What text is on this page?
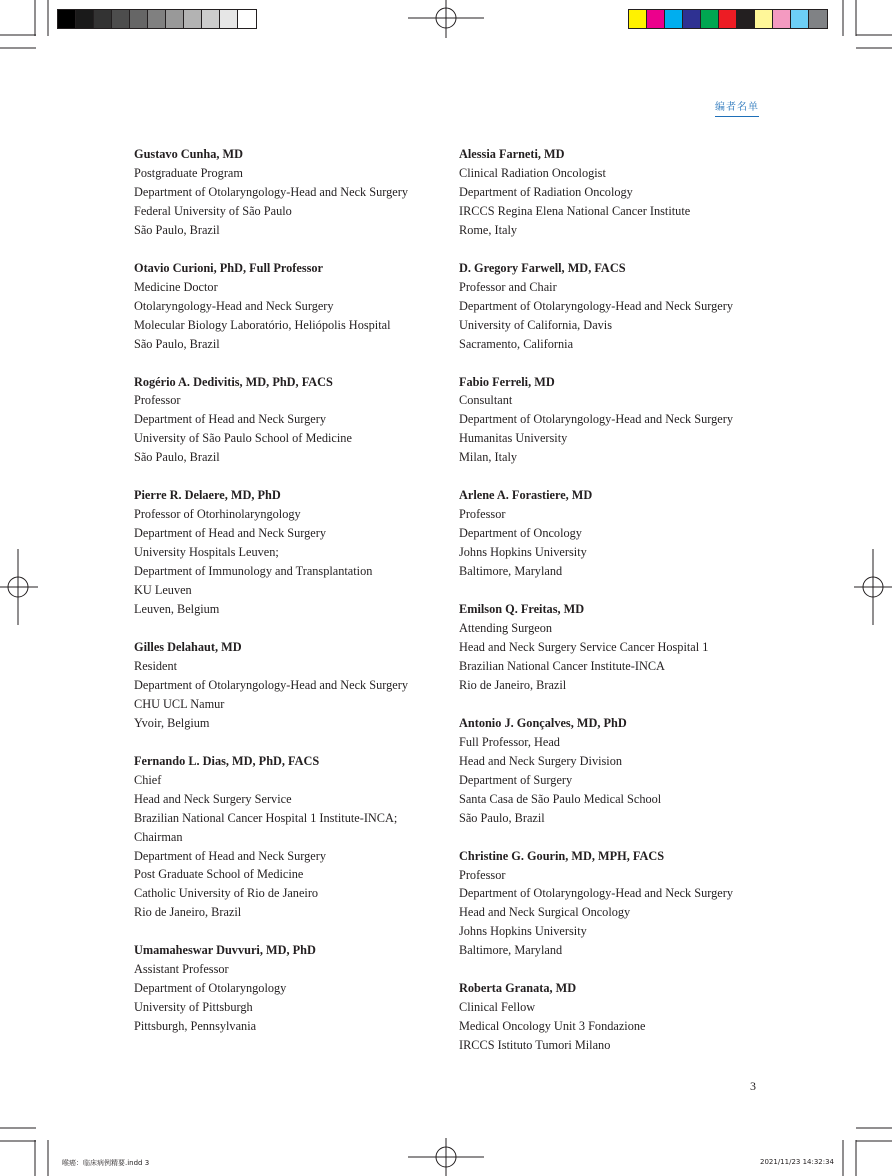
编者名单
Gustavo Cunha, MD
Postgraduate Program
Department of Otolaryngology-Head and Neck Surgery
Federal University of São Paulo
São Paulo, Brazil
Otavio Curioni, PhD, Full Professor
Medicine Doctor
Otolaryngology-Head and Neck Surgery
Molecular Biology Laboratório, Heliópolis Hospital
São Paulo, Brazil
Rogério A. Dedivitis, MD, PhD, FACS
Professor
Department of Head and Neck Surgery
University of São Paulo School of Medicine
São Paulo, Brazil
Pierre R. Delaere, MD, PhD
Professor of Otorhinolaryngology
Department of Head and Neck Surgery
University Hospitals Leuven;
Department of Immunology and Transplantation
KU Leuven
Leuven, Belgium
Gilles Delahaut, MD
Resident
Department of Otolaryngology-Head and Neck Surgery
CHU UCL Namur
Yvoir, Belgium
Fernando L. Dias, MD, PhD, FACS
Chief
Head and Neck Surgery Service
Brazilian National Cancer Hospital 1 Institute-INCA;
Chairman
Department of Head and Neck Surgery
Post Graduate School of Medicine
Catholic University of Rio de Janeiro
Rio de Janeiro, Brazil
Umamaheswar Duvvuri, MD, PhD
Assistant Professor
Department of Otolaryngology
University of Pittsburgh
Pittsburgh, Pennsylvania
Alessia Farneti, MD
Clinical Radiation Oncologist
Department of Radiation Oncology
IRCCS Regina Elena National Cancer Institute
Rome, Italy
D. Gregory Farwell, MD, FACS
Professor and Chair
Department of Otolaryngology-Head and Neck Surgery
University of California, Davis
Sacramento, California
Fabio Ferreli, MD
Consultant
Department of Otolaryngology-Head and Neck Surgery
Humanitas University
Milan, Italy
Arlene A. Forastiere, MD
Professor
Department of Oncology
Johns Hopkins University
Baltimore, Maryland
Emilson Q. Freitas, MD
Attending Surgeon
Head and Neck Surgery Service Cancer Hospital 1
Brazilian National Cancer Institute-INCA
Rio de Janeiro, Brazil
Antonio J. Gonçalves, MD, PhD
Full Professor, Head
Head and Neck Surgery Division
Department of Surgery
Santa Casa de São Paulo Medical School
São Paulo, Brazil
Christine G. Gourin, MD, MPH, FACS
Professor
Department of Otolaryngology-Head and Neck Surgery
Head and Neck Surgical Oncology
Johns Hopkins University
Baltimore, Maryland
Roberta Granata, MD
Clinical Fellow
Medical Oncology Unit 3 Fondazione
IRCCS Istituto Tumori Milano
3
喉癌：临床病例精要.indd 3	2021/11/23 14:32:34
